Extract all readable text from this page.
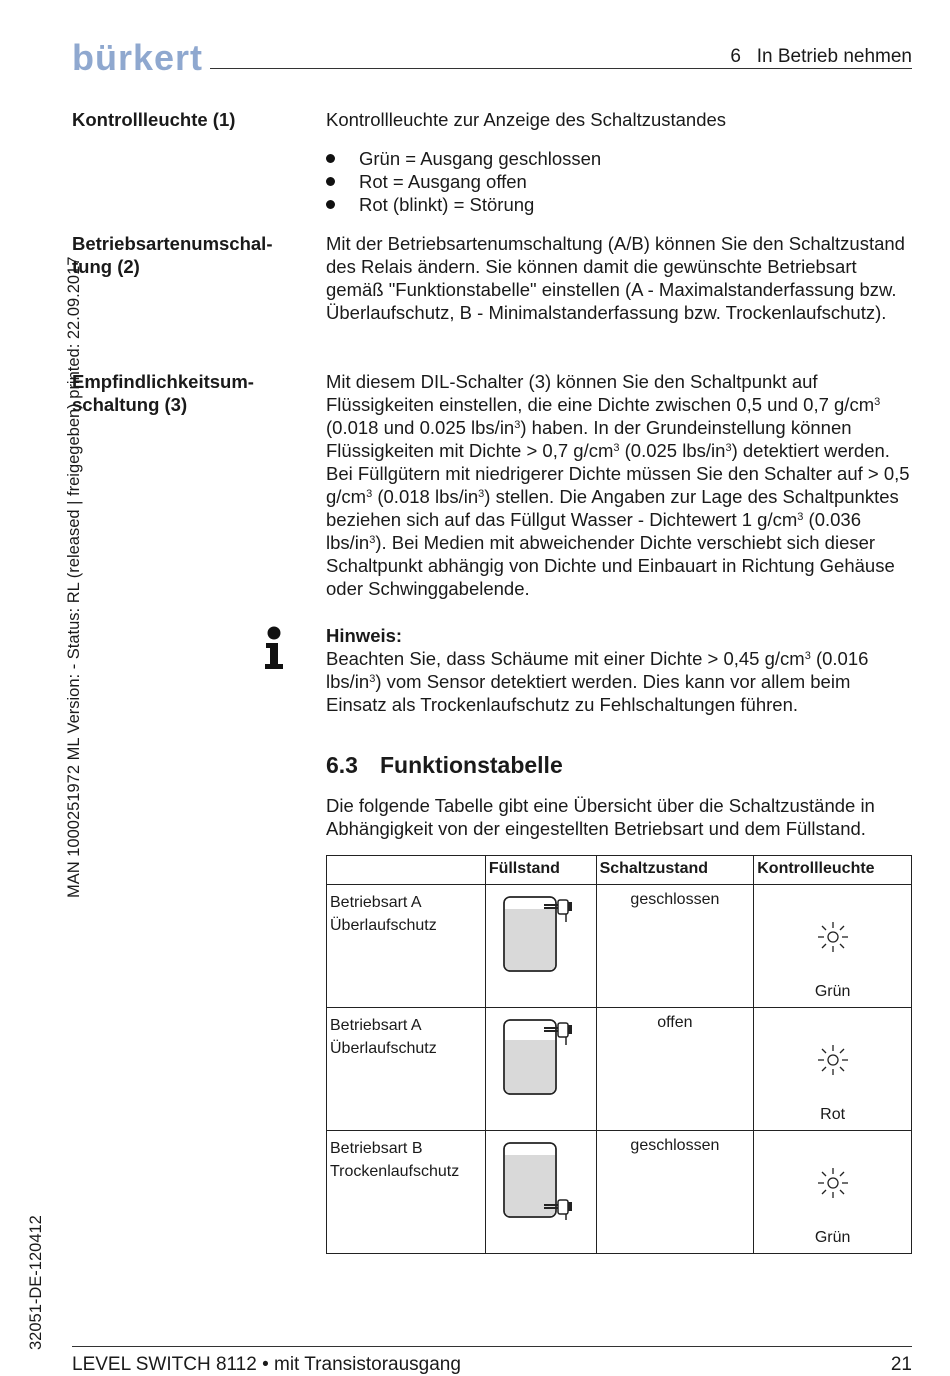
bürkert	6   In Betrieb nehmen
MAN 1000251972 ML Version: - Status: RL (released | freigegeben) printed: 22.09.2017
32051-DE-120412
Kontrollleuchte (1)	Kontrollleuchte zur Anzeige des Schaltzustandes
Grün = Ausgang geschlossen
Rot = Ausgang offen
Rot (blinkt) = Störung
Betriebsartenumschal-
tung (2)
Mit der Betriebsartenumschaltung (A/B) können Sie den Schaltzustand des Relais ändern. Sie können damit die gewünschte Betriebsart gemäß "Funktionstabelle" einstellen (A - Maximalstanderfassung bzw. Überlaufschutz, B - Minimalstanderfassung bzw. Trockenlaufschutz).
Empfindlichkeitsum-
schaltung (3)
Mit diesem DIL-Schalter (3) können Sie den Schaltpunkt auf Flüssigkeiten einstellen, die eine Dichte zwischen 0,5 und 0,7 $g/cm^3$ (0.018 und 0.025 lbs/$in^3$) haben. In der Grundeinstellung können Flüssigkeiten mit Dichte > 0,7 $g/cm^3$ (0.025 lbs/$in^3$) detektiert werden. Bei Füllgütern mit niedrigerer Dichte müssen Sie den Schalter auf > 0,5 $g/cm^3$ (0.018 lbs/$in^3$) stellen. Die Angaben zur Lage des Schaltpunktes beziehen sich auf das Füllgut Wasser - Dichtewert 1 $g/cm^3$ (0.036 lbs/$in^3$). Bei Medien mit abweichender Dichte verschiebt sich dieser Schaltpunkt abhängig von Dichte und Einbauart in Richtung Gehäuse oder Schwinggabelende.
Hinweis:
Beachten Sie, dass Schäume mit einer Dichte > 0,45 $g/cm^3$ (0.016 lbs/$in^3$) vom Sensor detektiert werden. Dies kann vor allem beim Einsatz als Trockenlaufschutz zu Fehlschaltungen führen.
6.3 Funktionstabelle
Die folgende Tabelle gibt eine Übersicht über die Schaltzustände in Abhängigkeit von der eingestellten Betriebsart und dem Füllstand.
	Füllstand	Schaltzustand	Kontrollleuchte

Betriebsart A
Überlaufschutz		geschlossen	Grün

Betriebsart A
Überlaufschutz		offen	Rot

Betriebsart B
Trockenlaufschutz		geschlossen	Grün
LEVEL SWITCH 8112 • mit Transistorausgang	21
